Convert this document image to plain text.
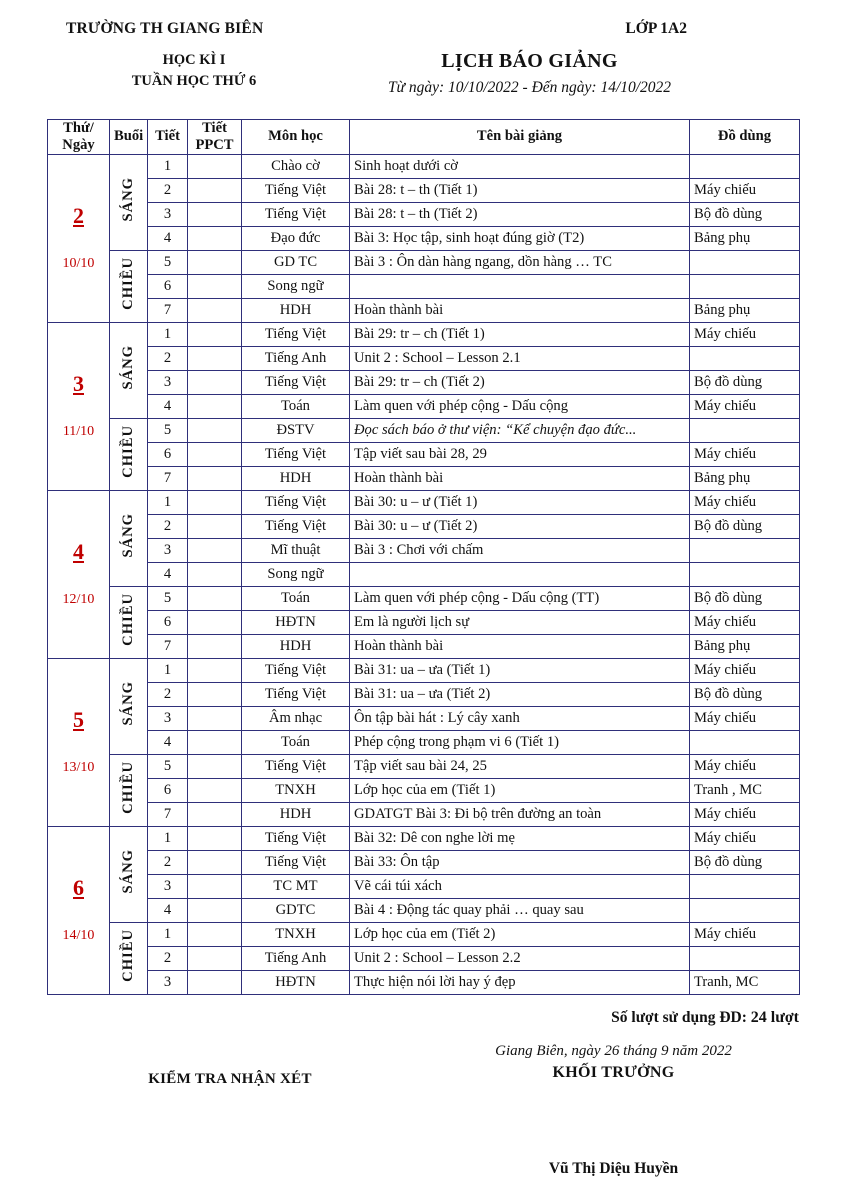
TRƯỜNG TH GIANG BIÊN	LỚP 1A2
HỌC KÌ I
TUẦN HỌC THỨ 6
LỊCH BÁO GIẢNG
Từ ngày: 10/10/2022 - Đến ngày: 14/10/2022
Thứ/ Ngày	Buổi	Tiết	Tiết PPCT	Môn học	Tên bài giảng	Đồ dùng

2
10/10	SÁNG	1		Chào cờ	Sinh hoạt dưới cờ	
		2		Tiếng Việt	Bài 28: t – th (Tiết 1)	Máy chiếu
		3		Tiếng Việt	Bài 28: t – th (Tiết 2)	Bộ đồ dùng
		4		Đạo đức	Bài 3: Học tập, sinh hoạt đúng giờ (T2)	Bảng phụ
	CHIỀU	5		GD TC	Bài 3 : Ôn dàn hàng ngang, dồn hàng … TC	
		6		Song ngữ		
		7		HDH	Hoàn thành bài	Bảng phụ

3
11/10	SÁNG	1		Tiếng Việt	Bài 29: tr – ch (Tiết 1)	Máy chiếu
		2		Tiếng Anh	Unit 2 : School – Lesson 2.1	
		3		Tiếng Việt	Bài 29: tr – ch (Tiết 2)	Bộ đồ dùng
		4		Toán	Làm quen với phép cộng - Dấu cộng	Máy chiếu
	CHIỀU	5		ĐSTV	Đọc sách báo ở thư viện: “Kể chuyện đạo đức...	
		6		Tiếng Việt	Tập viết sau bài 28, 29	Máy chiếu
		7		HDH	Hoàn thành bài	Bảng phụ

4
12/10	SÁNG	1		Tiếng Việt	Bài 30: u – ư (Tiết 1)	Máy chiếu
		2		Tiếng Việt	Bài 30: u – ư (Tiết 2)	Bộ đồ dùng
		3		Mĩ thuật	Bài 3 : Chơi với chấm	
		4		Song ngữ		
	CHIỀU	5		Toán	Làm quen với phép cộng - Dấu cộng (TT)	Bộ đồ dùng
		6		HĐTN	Em là người lịch sự	Máy chiếu
		7		HDH	Hoàn thành bài	Bảng phụ

5
13/10	SÁNG	1		Tiếng Việt	Bài 31: ua – ưa (Tiết 1)	Máy chiếu
		2		Tiếng Việt	Bài 31: ua – ưa (Tiết 2)	Bộ đồ dùng
		3		Âm nhạc	Ôn tập bài hát : Lý cây xanh	Máy chiếu
		4		Toán	Phép cộng trong phạm vi 6 (Tiết 1)	
	CHIỀU	5		Tiếng Việt	Tập viết sau bài 24, 25	Máy chiếu
		6		TNXH	Lớp học của em (Tiết 1)	Tranh , MC
		7		HDH	GDATGT Bài 3: Đi bộ trên đường an toàn	Máy chiếu

6
14/10	SÁNG	1		Tiếng Việt	Bài 32: Dê con nghe lời mẹ	Máy chiếu
		2		Tiếng Việt	Bài 33: Ôn tập	Bộ đồ dùng
		3		TC MT	Vẽ cái túi xách	
		4		GDTC	Bài 4 : Động tác quay phải … quay sau	
	CHIỀU	1		TNXH	Lớp học của em (Tiết 2)	Máy chiếu
		2		Tiếng Anh	Unit 2 : School – Lesson 2.2	
		3		HĐTN	Thực hiện nói lời hay ý đẹp	Tranh, MC
Số lượt sử dụng ĐD: 24 lượt
KIỂM TRA NHẬN XÉT
Giang Biên, ngày 26 tháng 9 năm 2022
KHỐI TRƯỞNG
Vũ Thị Diệu Huyền
